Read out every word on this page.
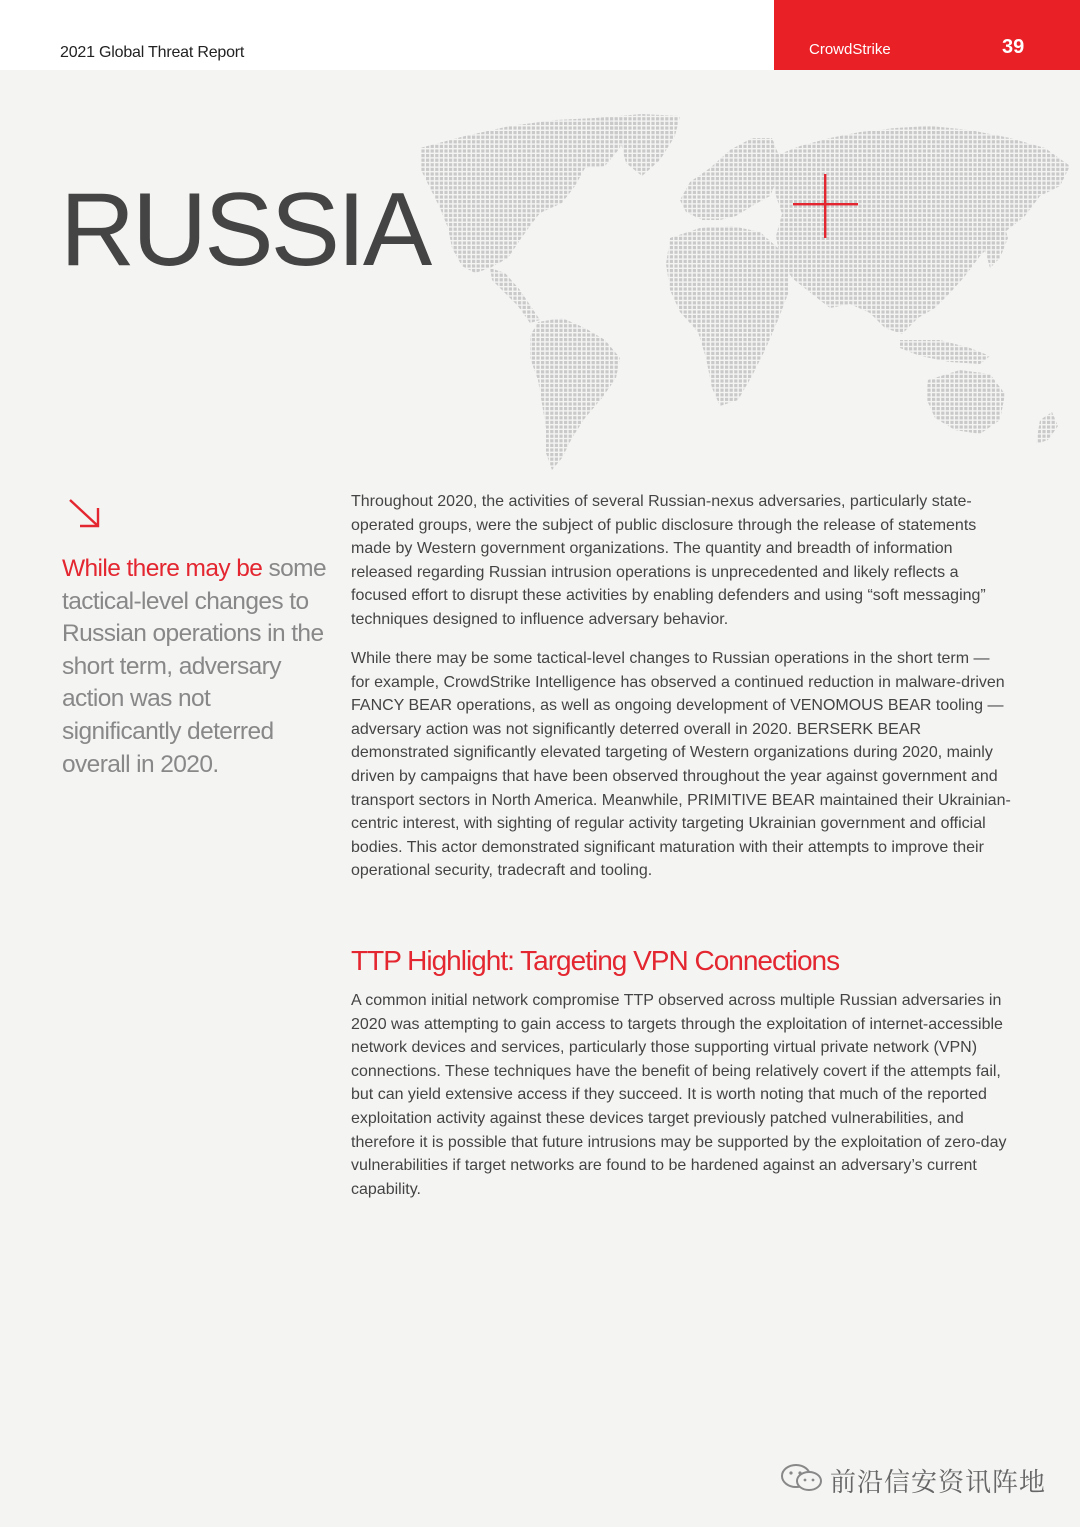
2021 Global Threat Report	CrowdStrike	39
RUSSIA

While there may be some tactical-level changes to Russian operations in the short term, adversary action was not significantly deterred overall in 2020.

Throughout 2020, the activities of several Russian-nexus adversaries, particularly state-operated groups, were the subject of public disclosure through the release of statements made by Western government organizations. The quantity and breadth of information released regarding Russian intrusion operations is unprecedented and likely reflects a focused effort to disrupt these activities by enabling defenders and using “soft messaging” techniques designed to influence adversary behavior.

While there may be some tactical-level changes to Russian operations in the short term — for example, CrowdStrike Intelligence has observed a continued reduction in malware-driven FANCY BEAR operations, as well as ongoing development of VENOMOUS BEAR tooling — adversary action was not significantly deterred overall in 2020. BERSERK BEAR demonstrated significantly elevated targeting of Western organizations during 2020, mainly driven by campaigns that have been observed throughout the year against government and transport sectors in North America. Meanwhile, PRIMITIVE BEAR maintained their Ukrainian-centric interest, with sighting of regular activity targeting Ukrainian government and official bodies. This actor demonstrated significant maturation with their attempts to improve their operational security, tradecraft and tooling.

TTP Highlight: Targeting VPN Connections

A common initial network compromise TTP observed across multiple Russian adversaries in 2020 was attempting to gain access to targets through the exploitation of internet-accessible network devices and services, particularly those supporting virtual private network (VPN) connections. These techniques have the benefit of being relatively covert if the attempts fail, but can yield extensive access if they succeed. It is worth noting that much of the reported exploitation activity against these devices target previously patched vulnerabilities, and therefore it is possible that future intrusions may be supported by the exploitation of zero-day vulnerabilities if target networks are found to be hardened against an adversary’s current capability.

前沿信安资讯阵地
